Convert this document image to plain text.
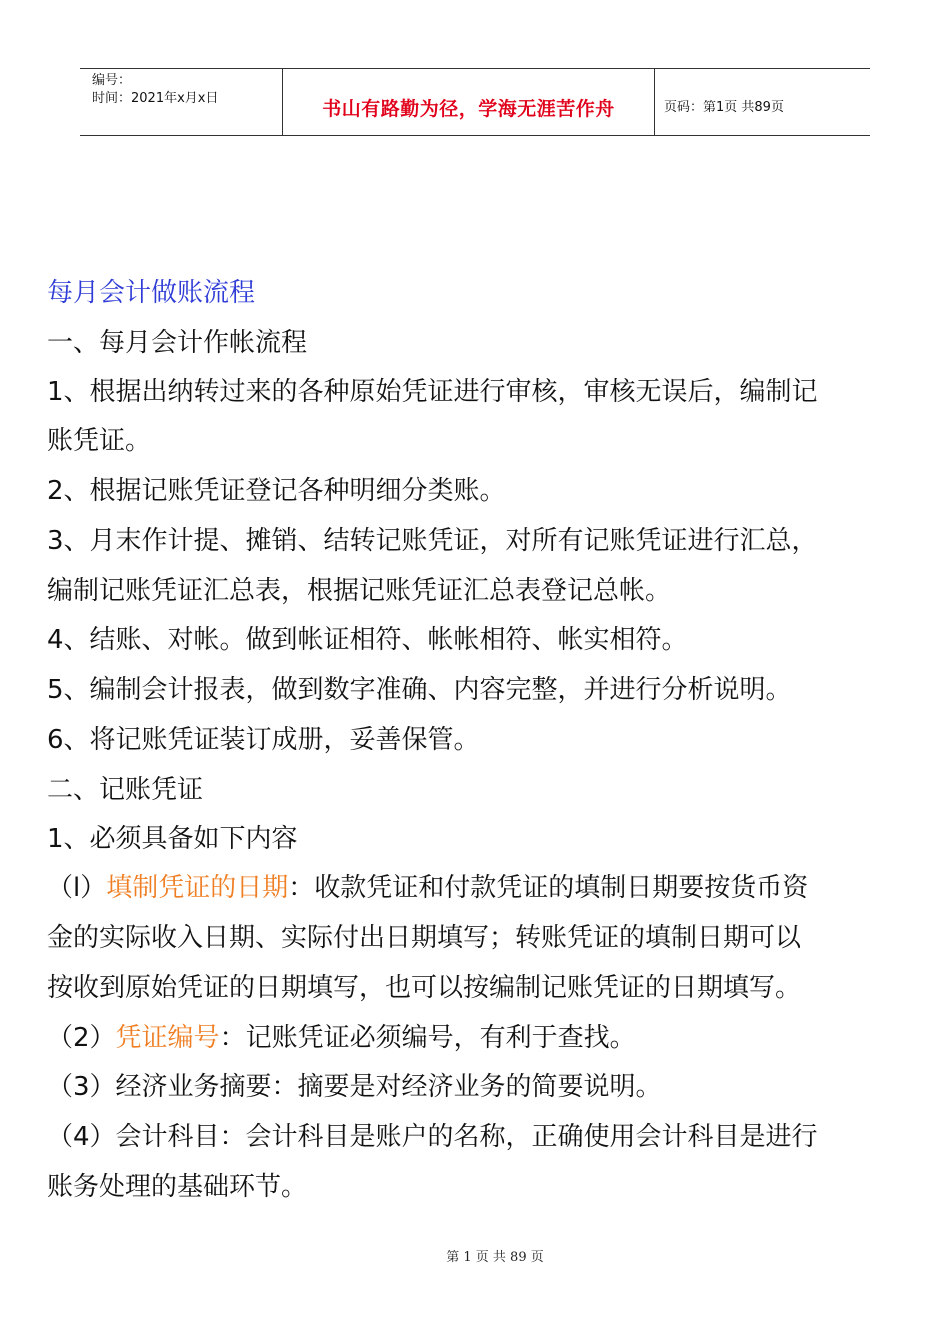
编号：
时间：2021年x月x日	书山有路勤为径，学海无涯苦作舟	页码：第1页 共89页
每月会计做账流程
一、每月会计作帐流程
1、根据出纳转过来的各种原始凭证进行审核，审核无误后，编制记
账凭证。
2、根据记账凭证登记各种明细分类账。
3、月末作计提、摊销、结转记账凭证，对所有记账凭证进行汇总，
编制记账凭证汇总表，根据记账凭证汇总表登记总帐。
4、结账、对帐。做到帐证相符、帐帐相符、帐实相符。
5、编制会计报表，做到数字准确、内容完整，并进行分析说明。
6、将记账凭证装订成册，妥善保管。
二、记账凭证
1、必须具备如下内容
（l）填制凭证的日期：收款凭证和付款凭证的填制日期要按货币资
金的实际收入日期、实际付出日期填写；转账凭证的填制日期可以
按收到原始凭证的日期填写，也可以按编制记账凭证的日期填写。
（2）凭证编号：记账凭证必须编号，有利于查找。
（3）经济业务摘要：摘要是对经济业务的简要说明。
（4）会计科目：会计科目是账户的名称，正确使用会计科目是进行
账务处理的基础环节。
第 1 页 共 89 页
